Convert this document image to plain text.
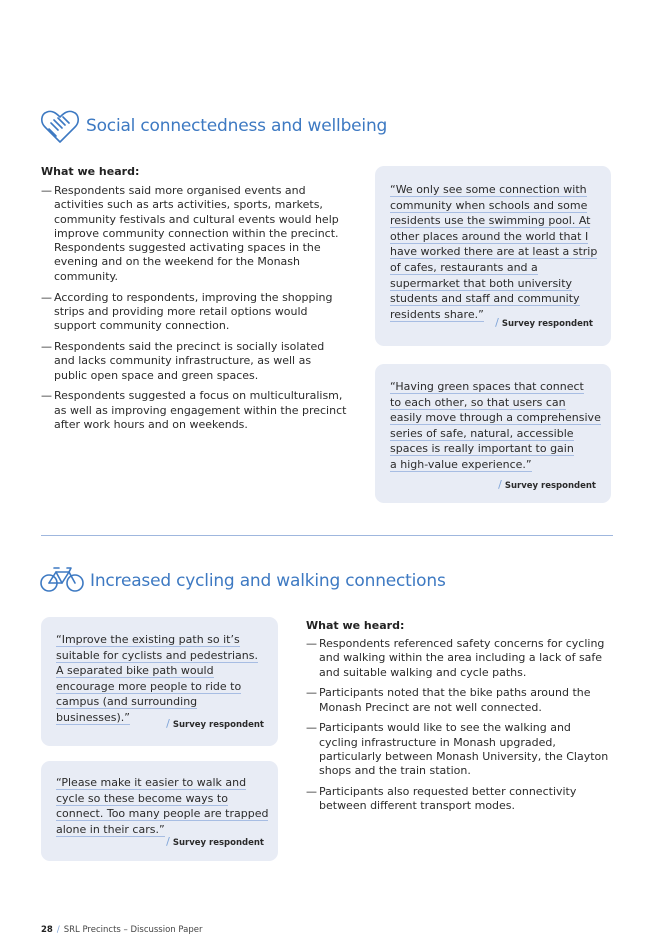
Social connectedness and wellbeing
What we heard:
— Respondents said more organised events and activities such as arts activities, sports, markets, community festivals and cultural events would help improve community connection within the precinct. Respondents suggested activating spaces in the evening and on the weekend for the Monash community.
— According to respondents, improving the shopping strips and providing more retail options would support community connection.
— Respondents said the precinct is socially isolated and lacks community infrastructure, as well as public open space and green spaces.
— Respondents suggested a focus on multiculturalism, as well as improving engagement within the precinct after work hours and on weekends.
“We only see some connection with
community when schools and some
residents use the swimming pool. At
other places around the world that I
have worked there are at least a strip
of cafes, restaurants and a
supermarket that both university
students and staff and community
residents share.”
/ Survey respondent
“Having green spaces that connect
to each other, so that users can
easily move through a comprehensive
series of safe, natural, accessible
spaces is really important to gain
a high-value experience.”
/ Survey respondent
Increased cycling and walking connections
“Improve the existing path so it’s
suitable for cyclists and pedestrians.
A separated bike path would
encourage more people to ride to
campus (and surrounding businesses).”	/ Survey respondent
“Please make it easier to walk and
cycle so these become ways to
connect. Too many people are trapped
alone in their cars.”
/ Survey respondent
What we heard:
— Respondents referenced safety concerns for cycling and walking within the area including a lack of safe and suitable walking and cycle paths.
— Participants noted that the bike paths around the Monash Precinct are not well connected.
— Participants would like to see the walking and cycling infrastructure in Monash upgraded, particularly between Monash University, the Clayton shops and the train station.
— Participants also requested better connectivity between different transport modes.
28 / SRL Precincts – Discussion Paper
